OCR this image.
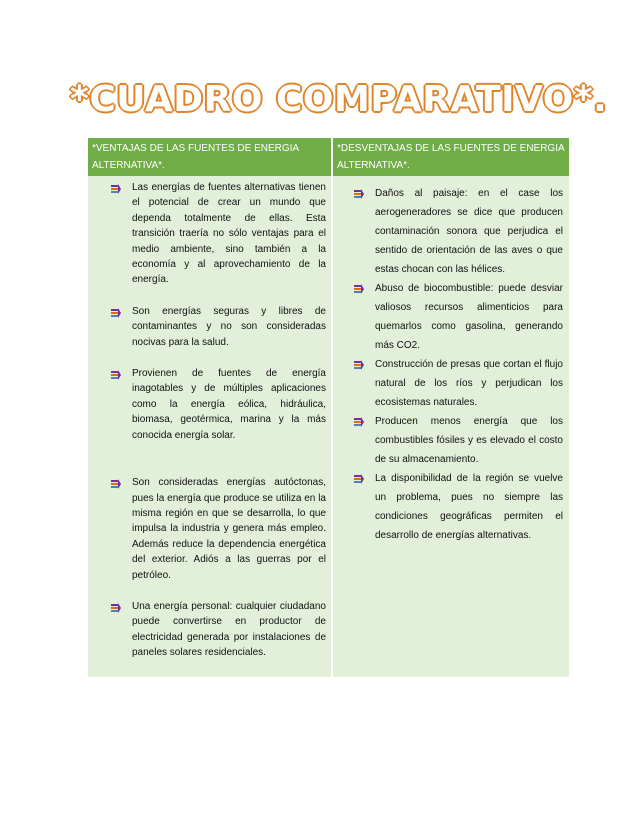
*CUADRO COMPARATIVO*.
*VENTAJAS DE LAS FUENTES DE ENERGIA ALTERNATIVA*.
*DESVENTAJAS DE LAS FUENTES DE ENERGIA ALTERNATIVA*.
Las energías de fuentes alternativas tienen el potencial de crear un mundo que dependa totalmente de ellas. Esta transición traería no sólo ventajas para el medio ambiente, sino también a la economía y al aprovechamiento de la energía.
Son energías seguras y libres de contaminantes y no son consideradas nocivas para la salud.
Provienen de fuentes de energía inagotables y de múltiples aplicaciones como la energía eólica, hidráulica, biomasa, geotérmica, marina y la más conocida energía solar.
Son consideradas energías autóctonas, pues la energía que produce se utiliza en la misma región en que se desarrolla, lo que impulsa la industria y genera más empleo. Además reduce la dependencia energética del exterior. Adiós a las guerras por el petróleo.
Una energía personal: cualquier ciudadano puede convertirse en productor de electricidad generada por instalaciones de paneles solares residenciales.
Daños al paisaje: en el case los aerogeneradores se dice que producen contaminación sonora que perjudica el sentido de orientación de las aves o que estas chocan con las hélices.
Abuso de biocombustible: puede desviar valiosos recursos alimenticios para quemarlos como gasolina, generando más CO2.
Construcción de presas que cortan el flujo natural de los ríos y perjudican los ecosistemas naturales.
Producen menos energía que los combustibles fósiles y es elevado el costo de su almacenamiento.
La disponibilidad de la región se vuelve un problema, pues no siempre las condiciones geográficas permiten el desarrollo de energías alternativas.
